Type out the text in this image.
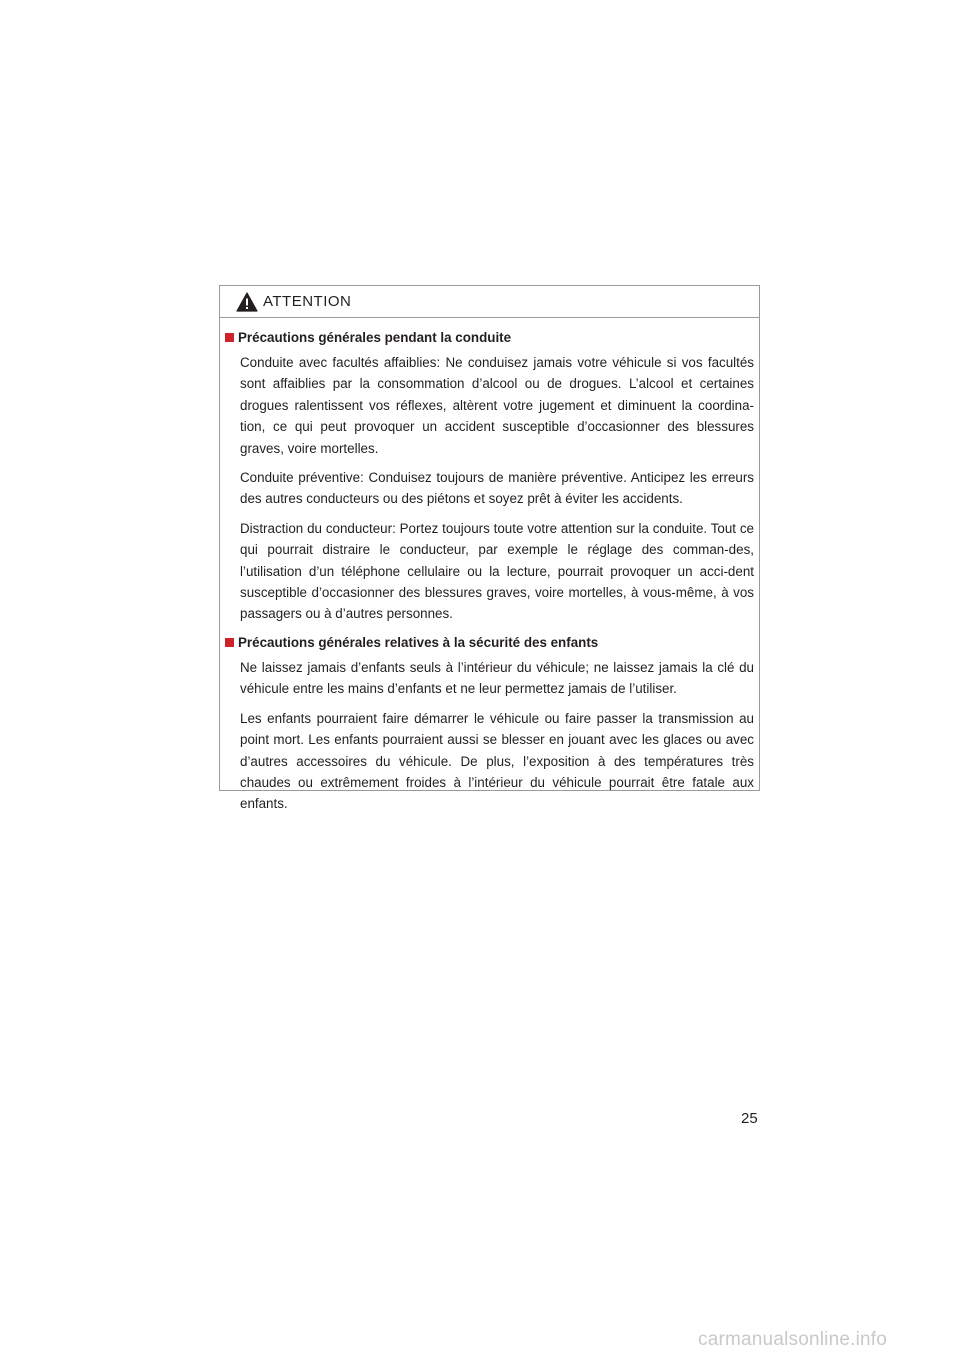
ATTENTION
Précautions générales pendant la conduite

Conduite avec facultés affaiblies: Ne conduisez jamais votre véhicule si vos facultés sont affaiblies par la consommation d’alcool ou de drogues. L’alcool et certaines drogues ralentissent vos réflexes, altèrent votre jugement et diminuent la coordina-tion, ce qui peut provoquer un accident susceptible d’occasionner des blessures graves, voire mortelles.

Conduite préventive: Conduisez toujours de manière préventive. Anticipez les erreurs des autres conducteurs ou des piétons et soyez prêt à éviter les accidents.

Distraction du conducteur: Portez toujours toute votre attention sur la conduite. Tout ce qui pourrait distraire le conducteur, par exemple le réglage des comman-des, l’utilisation d’un téléphone cellulaire ou la lecture, pourrait provoquer un acci-dent susceptible d’occasionner des blessures graves, voire mortelles, à vous-même, à vos passagers ou à d’autres personnes.

Précautions générales relatives à la sécurité des enfants

Ne laissez jamais d’enfants seuls à l’intérieur du véhicule; ne laissez jamais la clé du véhicule entre les mains d’enfants et ne leur permettez jamais de l’utiliser.

Les enfants pourraient faire démarrer le véhicule ou faire passer la transmission au point mort. Les enfants pourraient aussi se blesser en jouant avec les glaces ou avec d’autres accessoires du véhicule. De plus, l’exposition à des températures très chaudes ou extrêmement froides à l’intérieur du véhicule pourrait être fatale aux enfants.

25
carmanualsonline.info
